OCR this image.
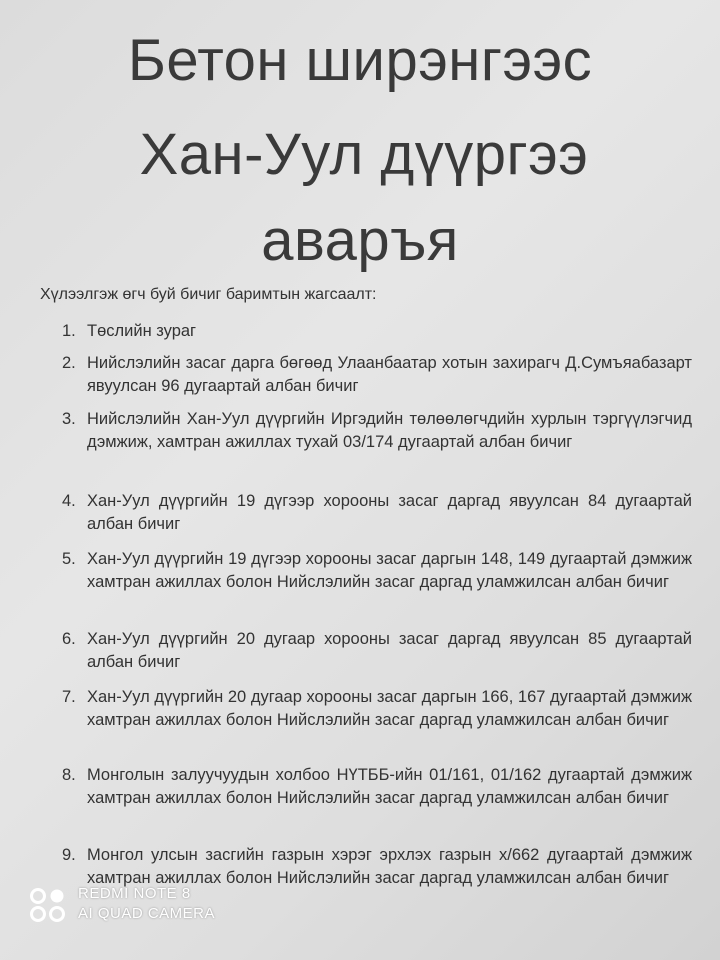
Бетон ширэнгээс
Хан-Уул дүүргээ
аваръя
Хүлээлгэж өгч буй бичиг баримтын жагсаалт:
1. Төслийн зураг
2. Нийслэлийн засаг дарга бөгөөд Улаанбаатар хотын захирагч Д.Сумъяабазарт явуулсан 96 дугаартай албан бичиг
3. Нийслэлийн Хан-Уул дүүргийн Иргэдийн төлөөлөгчдийн хурлын тэргүүлэгчид дэмжиж, хамтран ажиллах тухай 03/174 дугаартай албан бичиг
4. Хан-Уул дүүргийн 19 дүгээр хорооны засаг даргад явуулсан 84 дугаартай албан бичиг
5. Хан-Уул дүүргийн 19 дүгээр хорооны засаг даргын 148, 149 дугаартай дэмжиж хамтран ажиллах болон Нийслэлийн засаг даргад уламжилсан албан бичиг
6. Хан-Уул дүүргийн 20 дугаар хорооны засаг даргад явуулсан 85 дугаартай албан бичиг
7. Хан-Уул дүүргийн 20 дугаар хорооны засаг даргын 166, 167 дугаартай дэмжиж хамтран ажиллах болон Нийслэлийн засаг даргад уламжилсан албан бичиг
8. Монголын залуучуудын холбоо НҮТББ-ийн 01/161, 01/162 дугаартай дэмжиж хамтран ажиллах болон Нийслэлийн засаг даргад уламжилсан албан бичиг
9. Монгол улсын засгийн газрын хэрэг эрхлэх газрын х/662 дугаартай дэмжиж хамтран ажиллах болон Нийслэлийн засаг даргад уламжилсан албан бичиг
REDMI NOTE 8
AI QUAD CAMERA
